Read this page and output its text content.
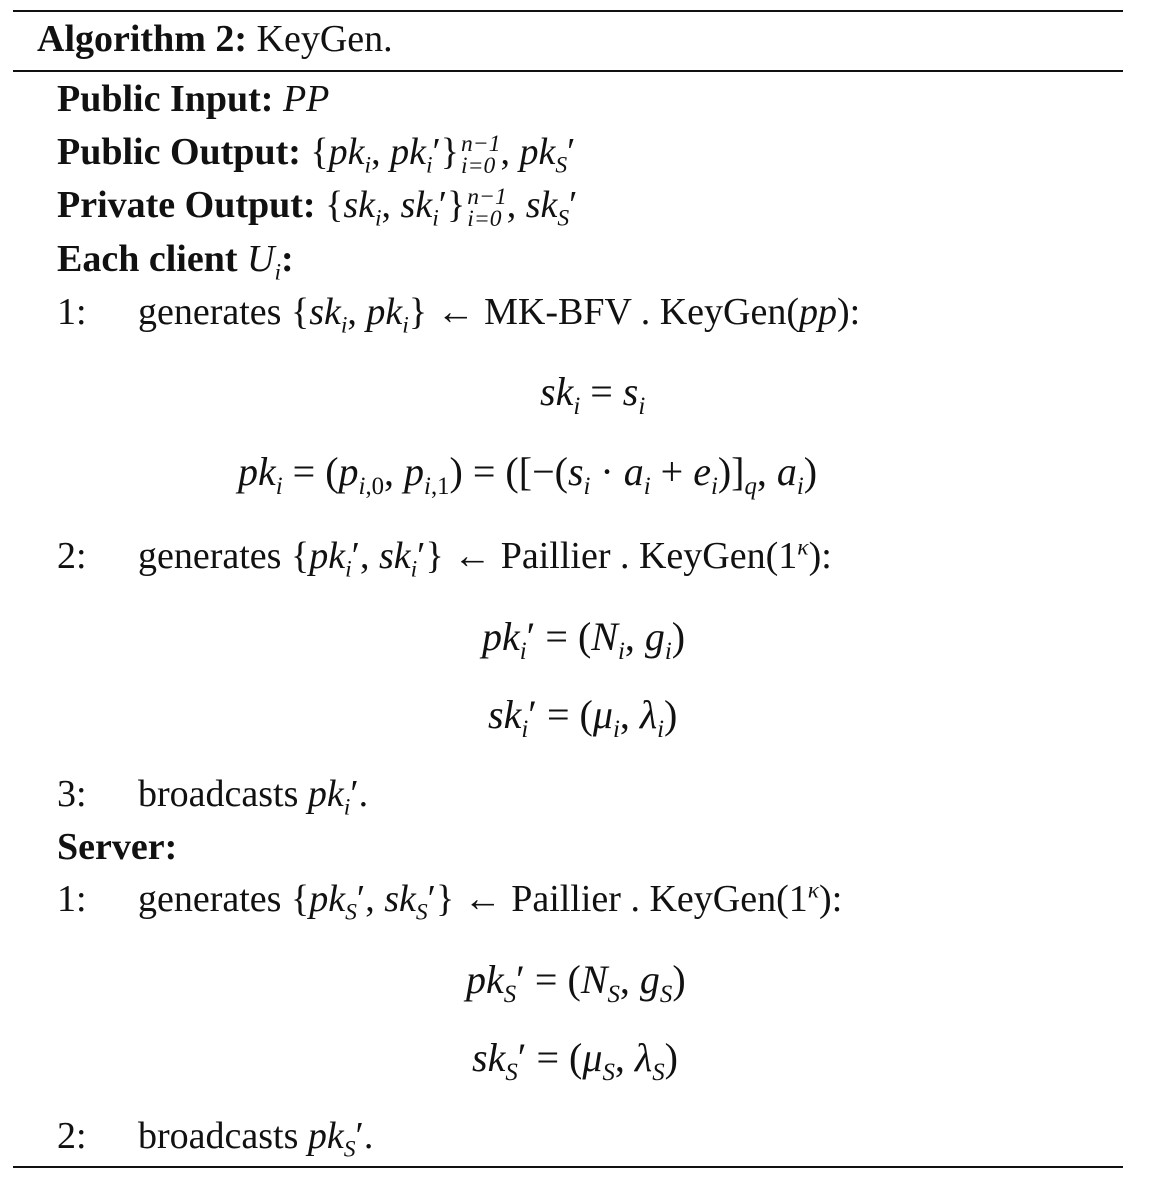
Algorithm 2: KeyGen.
Public Input: PP
Public Output: {$pk_i$, $pk_i'$} n−1
i=0 , $pk_S'$
Private Output: {$sk_i$, $sk_i'$} n−1
i=0 , $sk_S'$
Each client $U_i$:
1: generates {$sk_i$, $pk_i$} ← MK-BFV . KeyGen(pp):
$sk_i = s_i$
$pk_i = (p_{i,0}$, $p_{i,1}) = ([-(s_i \cdot a_i + e_i)]_q$, $a_i$)
2: generates {$pk_i'$, $sk_i'$} ← Paillier . $KeyGen(1^\kappa)$:
$pk_i' = (N_i$, $g_i$)
$sk_i' = (\mu_i$, $\lambda_i$)
3: broadcasts $pk_i'$.
Server:
1: generates {$pk_S'$, $sk_S'$} ← Paillier . $KeyGen(1^\kappa)$:
$pk_S' = (N_S$, $g_S$)
$sk_S' = (\mu_S$, $\lambda_S$)
2: broadcasts $pk_S'$.
